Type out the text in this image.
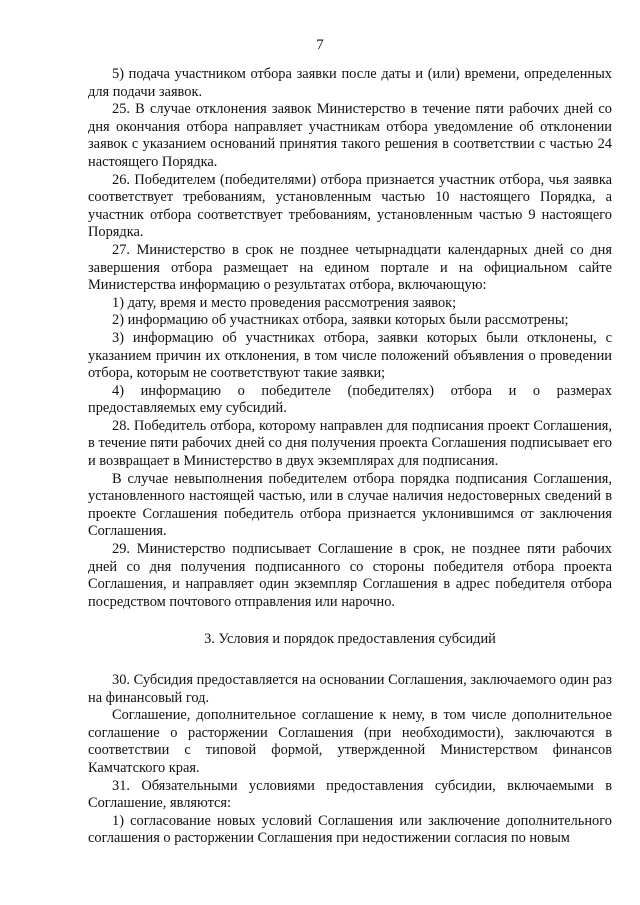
7

5) подача участником отбора заявки после даты и (или) времени, определенных для подачи заявок.

25. В случае отклонения заявок Министерство в течение пяти рабочих дней со дня окончания отбора направляет участникам отбора уведомление об отклонении заявок с указанием оснований принятия такого решения в соответствии с частью 24 настоящего Порядка.

26. Победителем (победителями) отбора признается участник отбора, чья заявка соответствует требованиям, установленным частью 10 настоящего Порядка, а участник отбора соответствует требованиям, установленным частью 9 настоящего Порядка.

27. Министерство в срок не позднее четырнадцати календарных дней со дня завершения отбора размещает на едином портале и на официальном сайте Министерства информацию о результатах отбора, включающую:

1) дату, время и место проведения рассмотрения заявок;

2) информацию об участниках отбора, заявки которых были рассмотрены;

3) информацию об участниках отбора, заявки которых были отклонены, с указанием причин их отклонения, в том числе положений объявления о проведении отбора, которым не соответствуют такие заявки;

4) информацию о победителе (победителях) отбора и о размерах предоставляемых ему субсидий.

28. Победитель отбора, которому направлен для подписания проект Соглашения, в течение пяти рабочих дней со дня получения проекта Соглашения подписывает его и возвращает в Министерство в двух экземплярах для подписания.

В случае невыполнения победителем отбора порядка подписания Соглашения, установленного настоящей частью, или в случае наличия недостоверных сведений в проекте Соглашения победитель отбора признается уклонившимся от заключения Соглашения.

29. Министерство подписывает Соглашение в срок, не позднее пяти рабочих дней со дня получения подписанного со стороны победителя отбора проекта Соглашения, и направляет один экземпляр Соглашения в адрес победителя отбора посредством почтового отправления или нарочно.

3. Условия и порядок предоставления субсидий

30. Субсидия предоставляется на основании Соглашения, заключаемого один раз на финансовый год.

Соглашение, дополнительное соглашение к нему, в том числе дополнительное соглашение о расторжении Соглашения (при необходимости), заключаются в соответствии с типовой формой, утвержденной Министерством финансов Камчатского края.

31. Обязательными условиями предоставления субсидии, включаемыми в Соглашение, являются:

1) согласование новых условий Соглашения или заключение дополнительного соглашения о расторжении Соглашения при недостижении согласия по новым
